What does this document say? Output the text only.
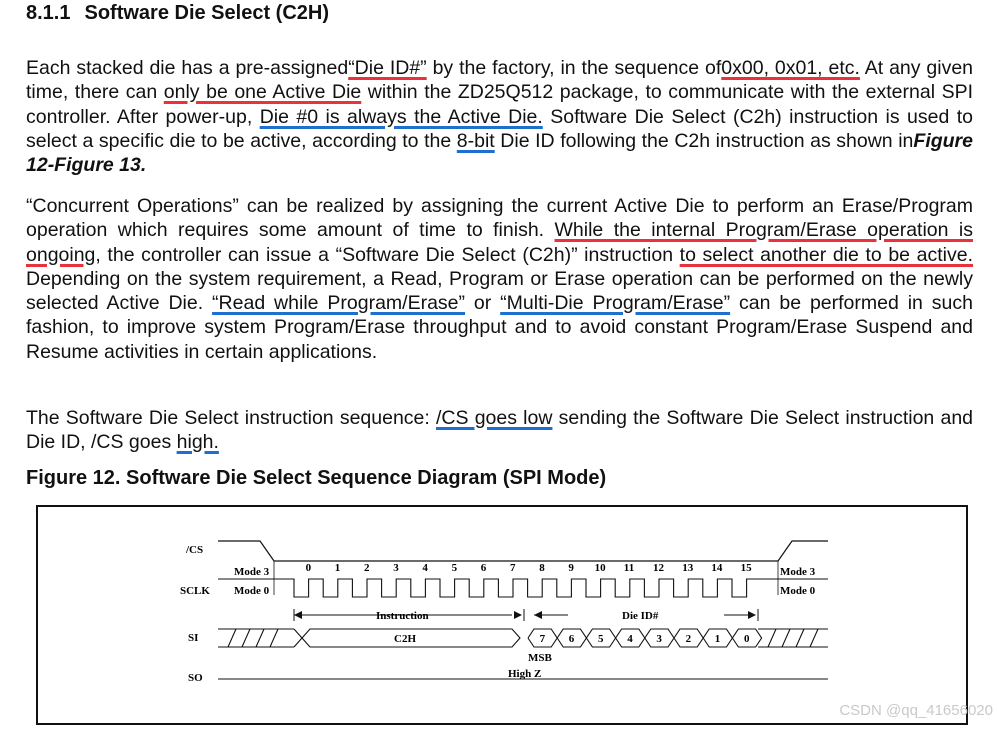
8.1.1 Software Die Select (C2H)

Each stacked die has a pre-assigned“Die ID#” by the factory, in the sequence of0x00, 0x01, etc. At any given time, there can only be one Active Die within the ZD25Q512 package, to communicate with the external SPI controller. After power-up, Die #0 is always the Active Die. Software Die Select (C2h) instruction is used to select a specific die to be active, according to the 8-bit Die ID following the C2h instruction as shown inFigure 12-Figure 13.

“Concurrent Operations” can be realized by assigning the current Active Die to perform an Erase/Program operation which requires some amount of time to finish. While the internal Program/Erase operation is ongoing, the controller can issue a “Software Die Select (C2h)” instruction to select another die to be active. Depending on the system requirement, a Read, Program or Erase operation can be performed on the newly selected Active Die. “Read while Program/Erase” or “Multi-Die Program/Erase” can be performed in such fashion, to improve system Program/Erase throughput and to avoid constant Program/Erase Suspend and Resume activities in certain applications.

The Software Die Select instruction sequence: /CS goes low sending the Software Die Select instruction and Die ID, /CS goes high.

Figure 12. Software Die Select Sequence Diagram (SPI Mode)
/CS
SCLK
SI
SO
Mode 3
Mode 0
Mode 3
Mode 0
0 1 2 3 4 5 6 7 8 9 10 11 12 13 14 15
Instruction	Die ID#
C2H	7 6 5 4 3 2 1 0
MSB
High Z
CSDN @qq_41656020
